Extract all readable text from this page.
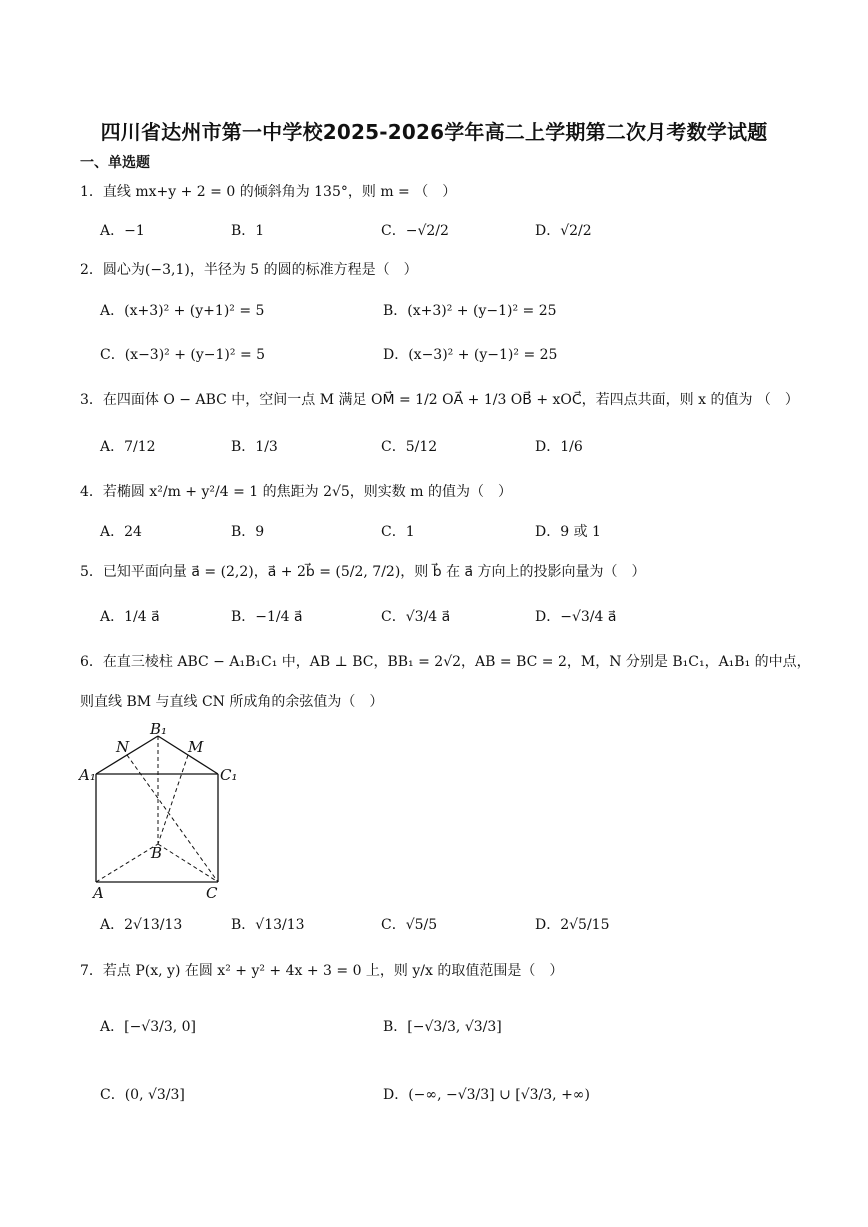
四川省达州市第一中学校2025-2026学年高二上学期第二次月考数学试题
一、单选题
1．直线 mx+y + 2 = 0 的倾斜角为 135°，则 m = （　）
A．−1	B．1	C．−√2/2	D．√2/2
2．圆心为(−3,1)，半径为 5 的圆的标准方程是（　）
A．(x+3)² + (y+1)² = 5	B．(x+3)² + (y−1)² = 25
C．(x−3)² + (y−1)² = 5	D．(x−3)² + (y−1)² = 25
3．在四面体 O − ABC 中，空间一点 M 满足 OM⃗ = 1/2 OA⃗ + 1/3 OB⃗ + xOC⃗，若四点共面，则 x 的值为 （　）
A．7/12	B．1/3	C．5/12	D．1/6
4．若椭圆 x²/m + y²/4 = 1 的焦距为 2√5，则实数 m 的值为（　）
A．24	B．9	C．1	D．9 或 1
5．已知平面向量 a⃗ = (2,2)，a⃗ + 2b⃗ = (5/2, 7/2)，则 b⃗ 在 a⃗ 方向上的投影向量为（　）
A．1/4 a⃗	B．−1/4 a⃗	C．√3/4 a⃗	D．−√3/4 a⃗
6．在直三棱柱 ABC − A₁B₁C₁ 中，AB ⊥ BC，BB₁ = 2√2，AB = BC = 2，M，N 分别是 B₁C₁，A₁B₁ 的中点，
则直线 BM 与直线 CN 所成角的余弦值为（　）
B₁
N	M
A₁	C₁
B
A	C
A．2√13/13	B．√13/13	C．√5/5	D．2√5/15
7．若点 P(x, y) 在圆 x² + y² + 4x + 3 = 0 上，则 y/x 的取值范围是（　）
A．[−√3/3, 0]	B．[−√3/3, √3/3]
C．(0, √3/3]	D．(−∞, −√3/3] ∪ [√3/3, +∞)
